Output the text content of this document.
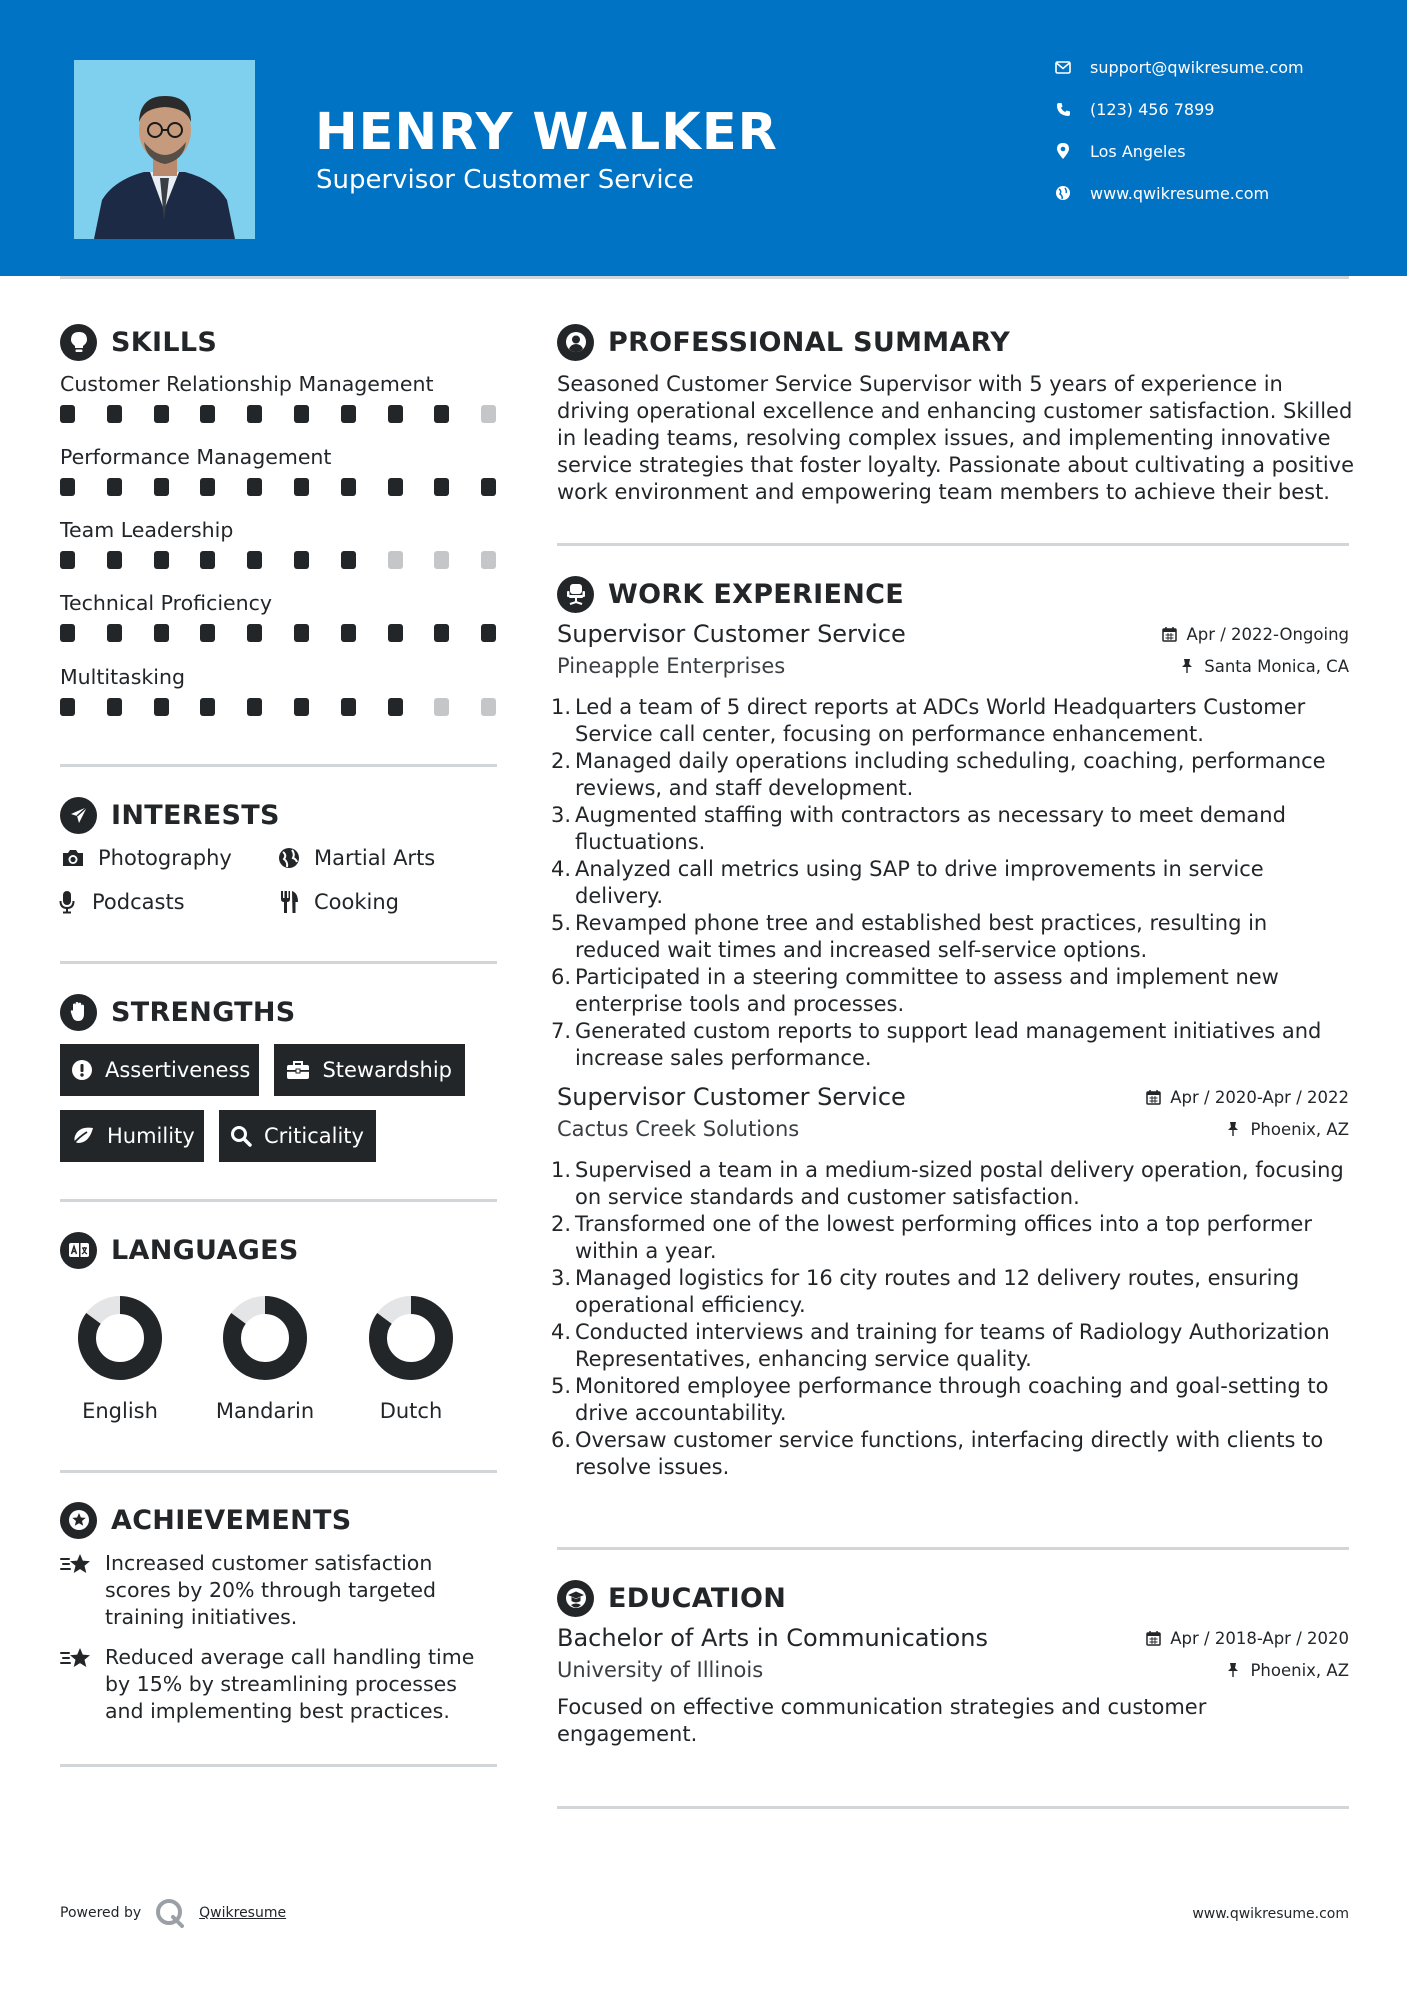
HENRY WALKER
Supervisor Customer Service
support@qwikresume.com
(123) 456 7899
Los Angeles
www.qwikresume.com
SKILLS
Customer Relationship Management
Performance Management
Team Leadership
Technical Proficiency
Multitasking
INTERESTS
Photography	Martial Arts
Podcasts	Cooking
STRENGTHS
Assertiveness	Stewardship
Humility	Criticality
LANGUAGES
English	Mandarin	Dutch
ACHIEVEMENTS
Increased customer satisfaction scores by 20% through targeted training initiatives.
Reduced average call handling time by 15% by streamlining processes and implementing best practices.
PROFESSIONAL SUMMARY
Seasoned Customer Service Supervisor with 5 years of experience in driving operational excellence and enhancing customer satisfaction. Skilled in leading teams, resolving complex issues, and implementing innovative service strategies that foster loyalty. Passionate about cultivating a positive work environment and empowering team members to achieve their best.
WORK EXPERIENCE
Supervisor Customer Service	Apr / 2022-Ongoing
Pineapple Enterprises	Santa Monica, CA
1. Led a team of 5 direct reports at ADCs World Headquarters Customer Service call center, focusing on performance enhancement.
2. Managed daily operations including scheduling, coaching, performance reviews, and staff development.
3. Augmented staffing with contractors as necessary to meet demand fluctuations.
4. Analyzed call metrics using SAP to drive improvements in service delivery.
5. Revamped phone tree and established best practices, resulting in reduced wait times and increased self-service options.
6. Participated in a steering committee to assess and implement new enterprise tools and processes.
7. Generated custom reports to support lead management initiatives and increase sales performance.
Supervisor Customer Service	Apr / 2020-Apr / 2022
Cactus Creek Solutions	Phoenix, AZ
1. Supervised a team in a medium-sized postal delivery operation, focusing on service standards and customer satisfaction.
2. Transformed one of the lowest performing offices into a top performer within a year.
3. Managed logistics for 16 city routes and 12 delivery routes, ensuring operational efficiency.
4. Conducted interviews and training for teams of Radiology Authorization Representatives, enhancing service quality.
5. Monitored employee performance through coaching and goal-setting to drive accountability.
6. Oversaw customer service functions, interfacing directly with clients to resolve issues.
EDUCATION
Bachelor of Arts in Communications	Apr / 2018-Apr / 2020
University of Illinois	Phoenix, AZ
Focused on effective communication strategies and customer engagement.
Powered by	Qwikresume	www.qwikresume.com
